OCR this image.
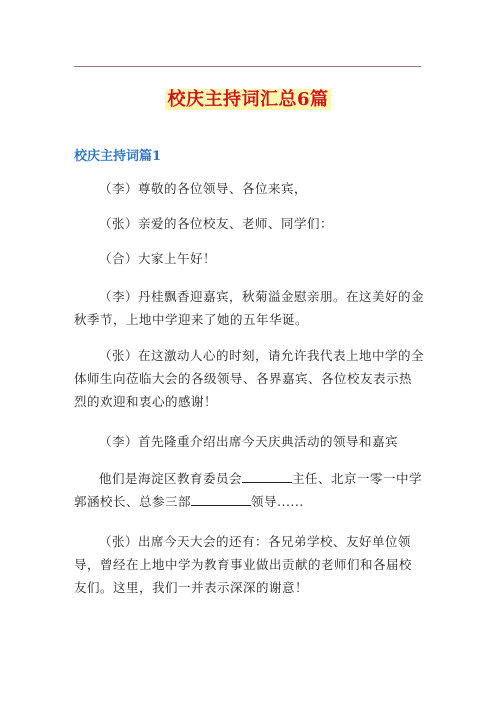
校庆主持词汇总6篇
校庆主持词篇1

（李）尊敬的各位领导、各位来宾，

（张）亲爱的各位校友、老师、同学们：

（合）大家上午好！

（李）丹桂飘香迎嘉宾，秋菊溢金慰亲朋。在这美好的金秋季节，上地中学迎来了她的五年华诞。

（张）在这激动人心的时刻，请允许我代表上地中学的全体师生向莅临大会的各级领导、各界嘉宾、各位校友表示热烈的欢迎和衷心的感谢！

（李）首先隆重介绍出席今天庆典活动的领导和嘉宾

他们是海淀区教育委员会	主任、北京一零一中学郭涵校长、总参三部	领导......

（张）出席今天大会的还有：各兄弟学校、友好单位领导，曾经在上地中学为教育事业做出贡献的老师们和各届校友们。这里，我们一并表示深深的谢意！
